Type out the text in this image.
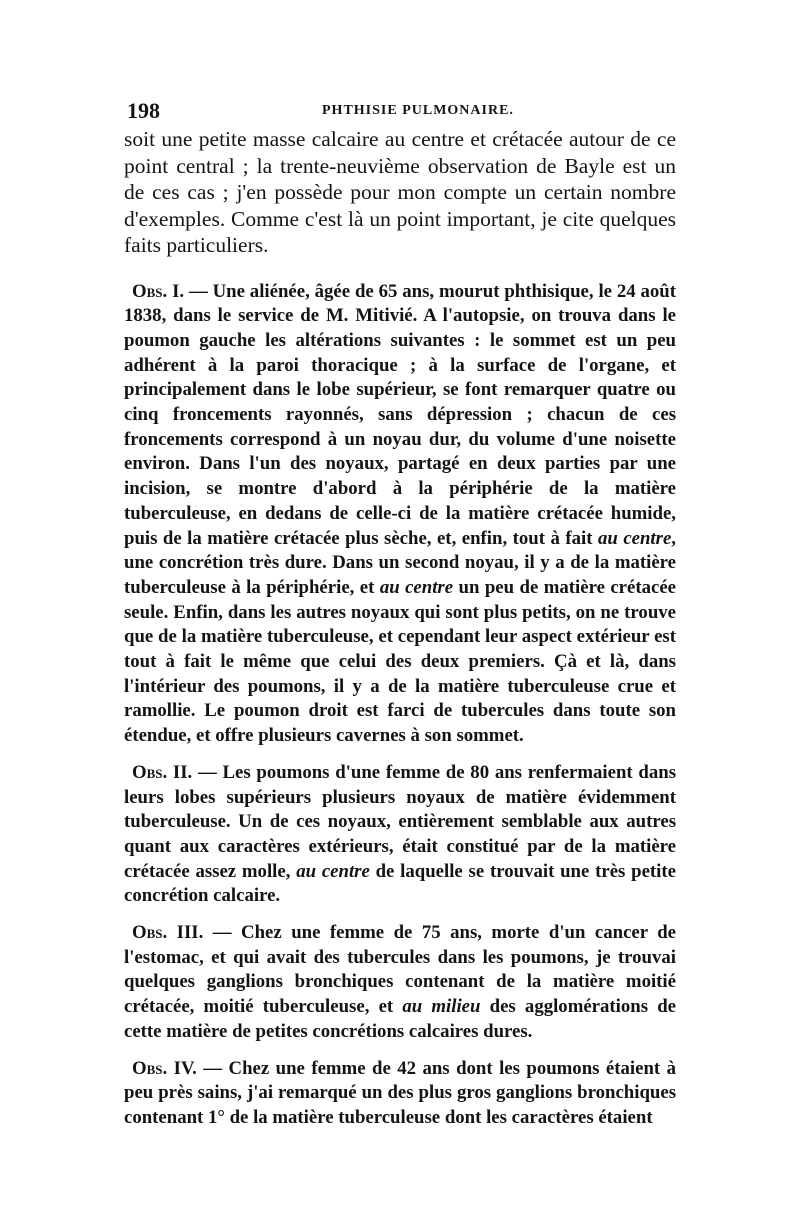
198	PHTHISIE PULMONAIRE.

soit une petite masse calcaire au centre et crétacée autour de ce point central ; la trente-neuvième observation de Bayle est un de ces cas ; j'en possède pour mon compte un certain nombre d'exemples. Comme c'est là un point important, je cite quelques faits particuliers.

Obs. I. — Une aliénée, âgée de 65 ans, mourut phthisique, le 24 août 1838, dans le service de M. Mitivié. A l'autopsie, on trouva dans le poumon gauche les altérations suivantes : le sommet est un peu adhérent à la paroi thoracique ; à la surface de l'organe, et principalement dans le lobe supérieur, se font remarquer quatre ou cinq froncements rayonnés, sans dépression ; chacun de ces froncements correspond à un noyau dur, du volume d'une noisette environ. Dans l'un des noyaux, partagé en deux parties par une incision, se montre d'abord à la périphérie de la matière tuberculeuse, en dedans de celle-ci de la matière crétacée humide, puis de la matière crétacée plus sèche, et, enfin, tout à fait au centre, une concrétion très dure. Dans un second noyau, il y a de la matière tuberculeuse à la périphérie, et au centre un peu de matière crétacée seule. Enfin, dans les autres noyaux qui sont plus petits, on ne trouve que de la matière tuberculeuse, et cependant leur aspect extérieur est tout à fait le même que celui des deux premiers. Çà et là, dans l'intérieur des poumons, il y a de la matière tuberculeuse crue et ramollie. Le poumon droit est farci de tubercules dans toute son étendue, et offre plusieurs cavernes à son sommet.

Obs. II. — Les poumons d'une femme de 80 ans renfermaient dans leurs lobes supérieurs plusieurs noyaux de matière évidemment tuberculeuse. Un de ces noyaux, entièrement semblable aux autres quant aux caractères extérieurs, était constitué par de la matière crétacée assez molle, au centre de laquelle se trouvait une très petite concrétion calcaire.

Obs. III. — Chez une femme de 75 ans, morte d'un cancer de l'estomac, et qui avait des tubercules dans les poumons, je trouvai quelques ganglions bronchiques contenant de la matière moitié crétacée, moitié tuberculeuse, et au milieu des agglomérations de cette matière de petites concrétions calcaires dures.

Obs. IV. — Chez une femme de 42 ans dont les poumons étaient à peu près sains, j'ai remarqué un des plus gros ganglions bronchiques contenant 1° de la matière tuberculeuse dont les caractères étaient
